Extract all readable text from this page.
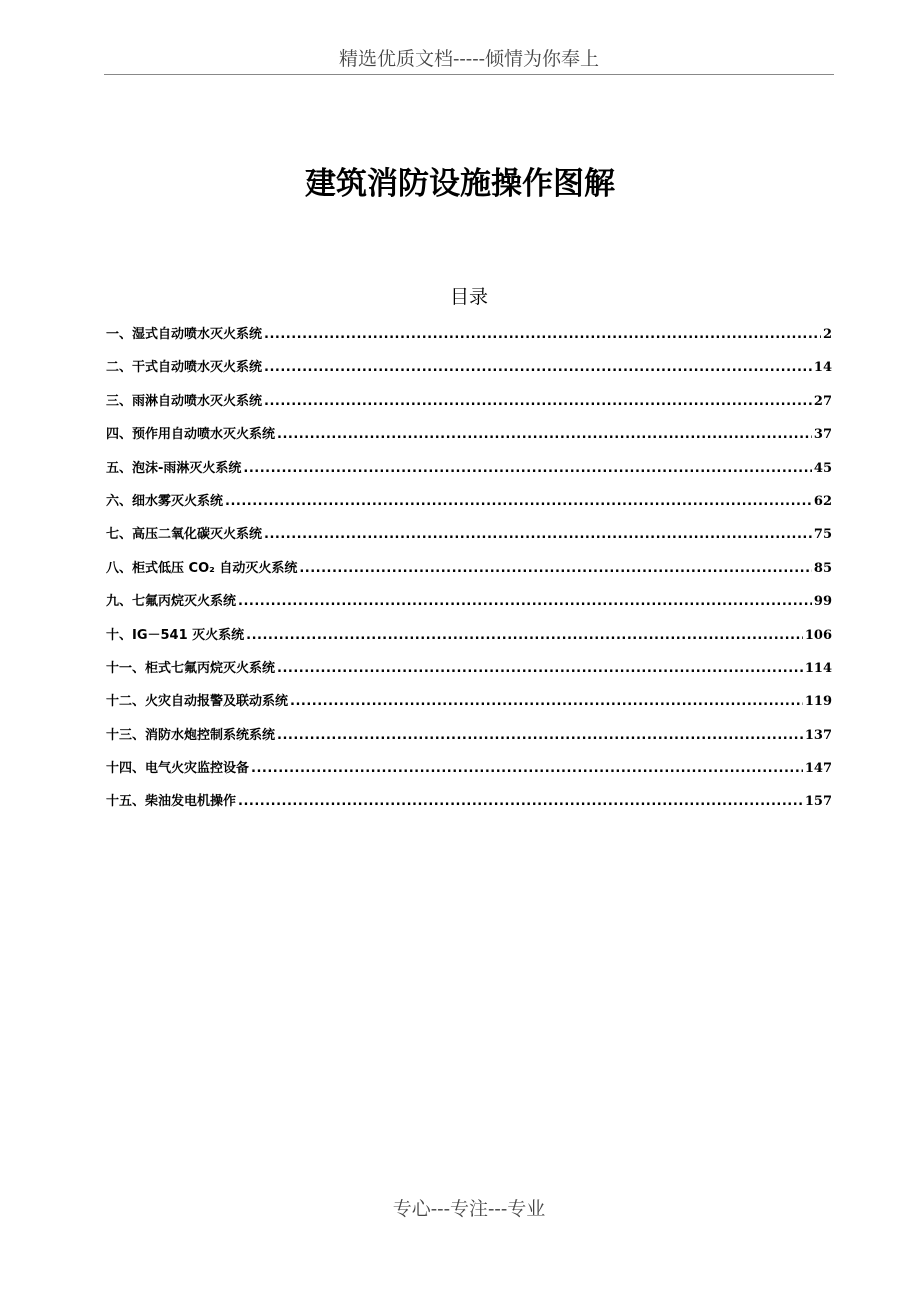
精选优质文档-----倾情为你奉上
建筑消防设施操作图解
目录
一、湿式自动喷水灭火系统 .....	2
二、干式自动喷水灭火系统 .....	14
三、雨淋自动喷水灭火系统 .....	27
四、预作用自动喷水灭火系统 .....	37
五、泡沫-雨淋灭火系统 .....	45
六、细水雾灭火系统 .....	62
七、高压二氧化碳灭火系统 .....	75
八、柜式低压 CO₂ 自动灭火系统 .....	85
九、七氟丙烷灭火系统 .....	99
十、IG－541 灭火系统 .....	106
十一、柜式七氟丙烷灭火系统 .....	114
十二、火灾自动报警及联动系统 .....	119
十三、消防水炮控制系统系统 .....	137
十四、电气火灾监控设备 .....	147
十五、柴油发电机操作 .....	157
专心---专注---专业
